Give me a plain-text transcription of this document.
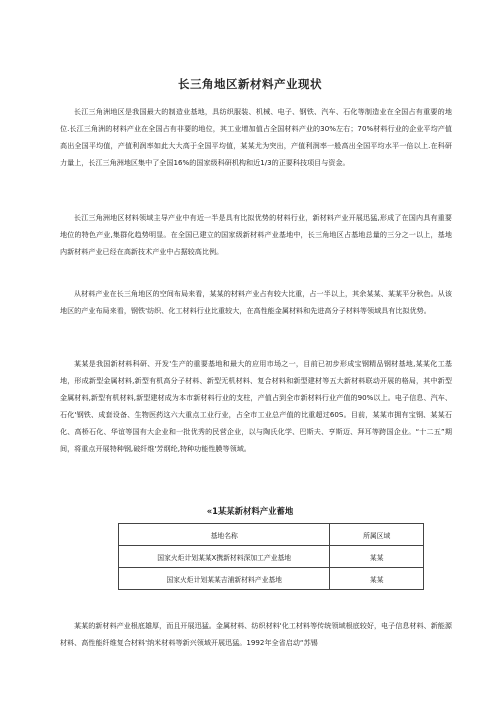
长三角地区新材料产业现状
长江三角洲地区是我国最大的制造业基地，具纺织服装、机械、电子、钢铁、汽车、石化等制造业在全国占有重要的地位.长江三角洲的材料产业在全国占有非要的地位，其工业增加值占全国材料产业的30%左右；70%材料行业的企业平均产值高出全国平均值，产值利润率如此大大高于全国平均值，某某尤为突出，产值利润率一般高出全国平均水平一倍以上.在科研力量上，长江三角洲地区集中了全国16%的国家级科研机构和近1/3的正要科技项目与资金。
长江三角洲地区材料领域主导产业中有近一半是具有比拟优势的材料行业，新材料产业开展迅猛,形成了在国内具有重要地位的特色产业,集群化趋势明显。在全国已建立的国家级新材料产业基地中，长三角地区占基地总量的三分之一以上，基地内新材料产业已经在高新技术产业中占据较高比例。
从材料产业在长三角地区的空间布局来看，某某的材料产业占有较大比重，占一半以上，其余某某、某某平分秋色。从该地区的产业布局来看，钢铁'纺织、化工材料行业比重较大，在高性能金属材料和先进高分子材料等领域具有比拟优势。
某某是我国新材料科研、开发'生产的重要基地和最大的应用市场之一，目前已初步形成宝钢精品钢材基地,某某化工基地，形成新型金属材料,新型有机高分子材料、新型无机材料、复合材料和新型建材等五大新材料联动开展的格局，其中新型金属材料,新型有机材料,新型建材成为本市新材料行业的支柱，产值占到全市新材料行业产值的90%以上。电子信息、汽车、石化'钢铁、成套设备、生物医药这六大重点工业行业，占全市工业总产值的比重超过60S。目前，某某市拥有宝钢、某某石化、高桥石化、华谊等国有大企业和一批优秀的民营企业，以与陶氏化学、巴斯夫、亨斯迈、拜耳等跨国企业。“十二五”期间，将重点开展特种钢,破纤维'芳纲纶,特种功能性膜等领域。
«1某某新材料产业蓄地
基地名称	所属区域
国家火炬计划某某X携新材料深加工产业基地	某某
国家火炬计划某某吉浦新材料产业基地	某某
某某的新材料产业根底雄厚，而且开展迅猛。金属材料、纺织材料'化工材料等传统领域根底较好，电子信息材料、新能源材料、高性能纤维复合材料'纳米材料等新兴领域开展迅猛。1992年全省启动“苏锡
